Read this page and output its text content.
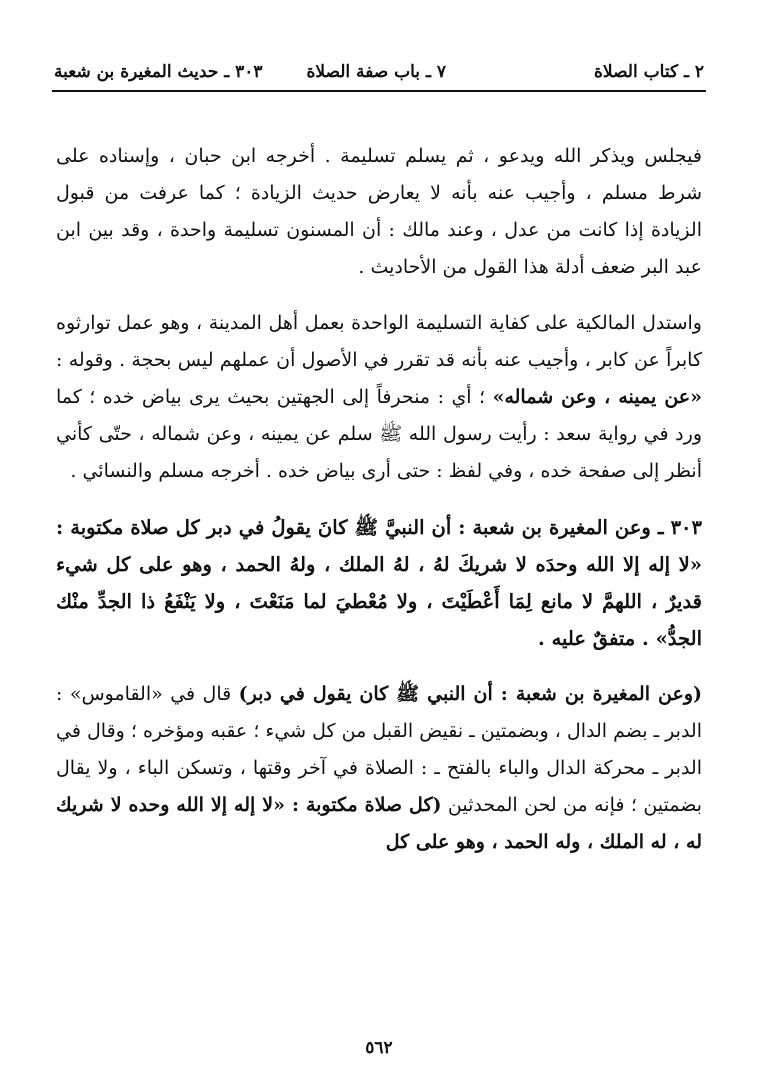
٢ ـ كتاب الصلاة
٧ ـ باب صفة الصلاة
٣٠٣ ـ حديث المغيرة بن شعبة

فيجلس ويذكر الله ويدعو ، ثم يسلم تسليمة . أخرجه ابن حبان ، وإسناده على شرط مسلم ، وأجيب عنه بأنه لا يعارض حديث الزيادة ؛ كما عرفت من قبول الزيادة إذا كانت من عدل ، وعند مالك : أن المسنون تسليمة واحدة ، وقد بين ابن عبد البر ضعف أدلة هذا القول من الأحاديث .

واستدل المالكية على كفاية التسليمة الواحدة بعمل أهل المدينة ، وهو عمل توارثوه كابراً عن كابر ، وأجيب عنه بأنه قد تقرر في الأصول أن عملهم ليس بحجة . وقوله : «عن يمينه ، وعن شماله» ؛ أي : منحرفاً إلى الجهتين بحيث يرى بياض خده ؛ كما ورد في رواية سعد : رأيت رسول الله ﷺ سلم عن يمينه ، وعن شماله ، حتّى كأني أنظر إلى صفحة خده ، وفي لفظ : حتى أرى بياض خده . أخرجه مسلم والنسائي .

٣٠٣ ـ وعن المغيرة بن شعبة : أن النبيَّ ﷺ كانَ يقولُ في دبر كل صلاة مكتوبة : «لا إله إلا الله وحدَه لا شريكَ لهُ ، لهُ الملك ، ولهُ الحمد ، وهو على كل شيء قديرٌ ، اللهمَّ لا مانع لِمَا أَعْطَيْتَ ، ولا مُعْطيَ لما مَنَعْتَ ، ولا يَنْفَعُ ذا الجدِّ منْك الجدُّ» . متفقٌ عليه .

(وعن المغيرة بن شعبة : أن النبي ﷺ كان يقول في دبر) قال في «القاموس» : الدبر ـ بضم الدال ، وبضمتين ـ نقيض القبل من كل شيء ؛ عقبه ومؤخره ؛ وقال في الدبر ـ محركة الدال والباء بالفتح ـ : الصلاة في آخر وقتها ، وتسكن الباء ، ولا يقال بضمتين ؛ فإنه من لحن المحدثين (كل صلاة مكتوبة : «لا إله إلا الله وحده لا شريك له ، له الملك ، وله الحمد ، وهو على كل

٥٦٢
